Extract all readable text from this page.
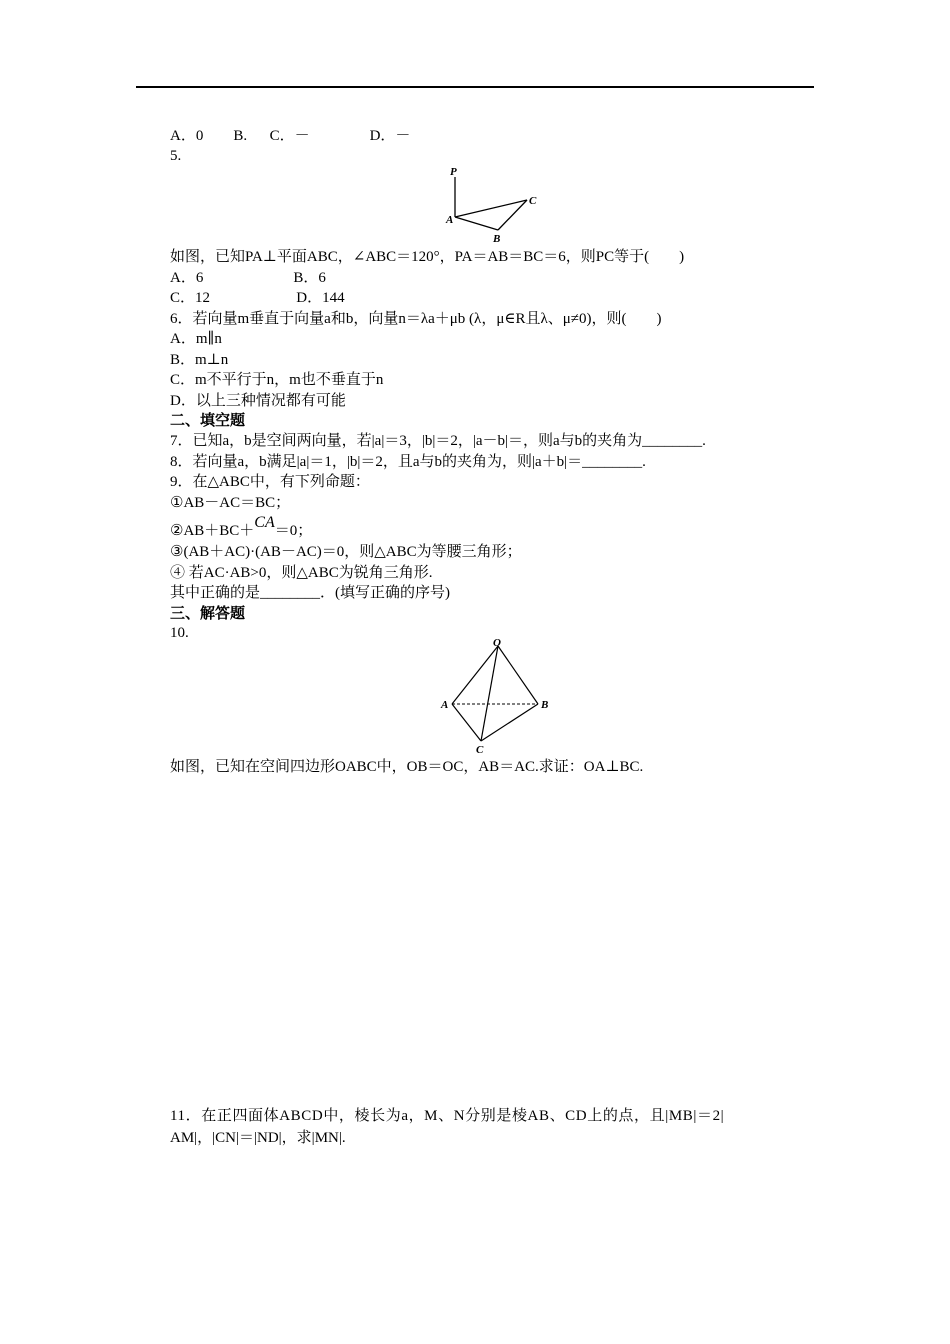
A．0        B.      C．－                D．－
5.
P
A
B
C
如图，已知PA⊥平面ABC，∠ABC＝120°，PA＝AB＝BC＝6，则PC等于(　　)
A．6                        B．6
C．12                       D．144
6．若向量m垂直于向量a和b，向量n＝λa＋μb (λ，μ∈R且λ、μ≠0)，则(　　)
A．m∥n
B．m⊥n
C．m不平行于n，m也不垂直于n
D．以上三种情况都有可能
二、填空题
7．已知a，b是空间两向量，若|a|＝3，|b|＝2，|a－b|＝，则a与b的夹角为________.
8．若向量a，b满足|a|＝1，|b|＝2，且a与b的夹角为，则|a＋b|＝________.
9．在△ABC中，有下列命题：
①AB－AC＝BC；
②AB＋BC＋CA＝0；
③(AB＋AC)·(AB－AC)＝0，则△ABC为等腰三角形；
④ 若AC·AB>0，则△ABC为锐角三角形.
其中正确的是________．(填写正确的序号)
三、解答题
10.
O
A	B
C
如图，已知在空间四边形OABC中，OB＝OC，AB＝AC.求证：OA⊥BC.
11．在正四面体ABCD中，棱长为a，M、N分别是棱AB、CD上的点，且|MB|＝2|
AM|，|CN|＝|ND|，求|MN|.
